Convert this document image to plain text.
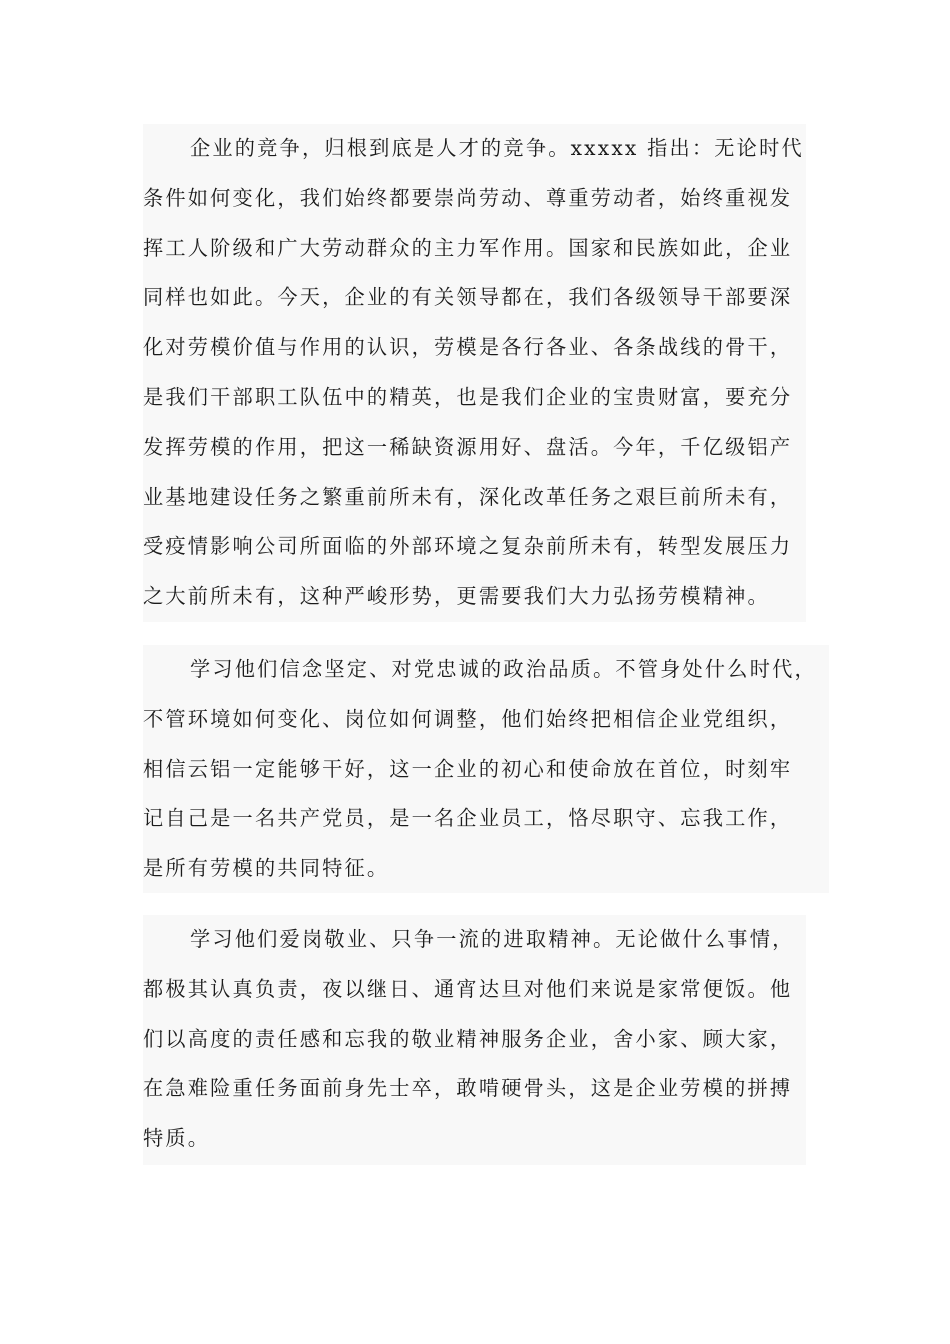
企业的竞争，归根到底是人才的竞争。xxxxx 指出：无论时代
条件如何变化，我们始终都要崇尚劳动、尊重劳动者，始终重视发
挥工人阶级和广大劳动群众的主力军作用。国家和民族如此，企业
同样也如此。今天，企业的有关领导都在，我们各级领导干部要深
化对劳模价值与作用的认识，劳模是各行各业、各条战线的骨干，
是我们干部职工队伍中的精英，也是我们企业的宝贵财富，要充分
发挥劳模的作用，把这一稀缺资源用好、盘活。今年，千亿级铝产
业基地建设任务之繁重前所未有，深化改革任务之艰巨前所未有，
受疫情影响公司所面临的外部环境之复杂前所未有，转型发展压力
之大前所未有，这种严峻形势，更需要我们大力弘扬劳模精神。

学习他们信念坚定、对党忠诚的政治品质。不管身处什么时代，
不管环境如何变化、岗位如何调整，他们始终把相信企业党组织，
相信云铝一定能够干好，这一企业的初心和使命放在首位，时刻牢
记自己是一名共产党员，是一名企业员工，恪尽职守、忘我工作，
是所有劳模的共同特征。

学习他们爱岗敬业、只争一流的进取精神。无论做什么事情，
都极其认真负责，夜以继日、通宵达旦对他们来说是家常便饭。他
们以高度的责任感和忘我的敬业精神服务企业，舍小家、顾大家，
在急难险重任务面前身先士卒，敢啃硬骨头，这是企业劳模的拼搏
特质。
